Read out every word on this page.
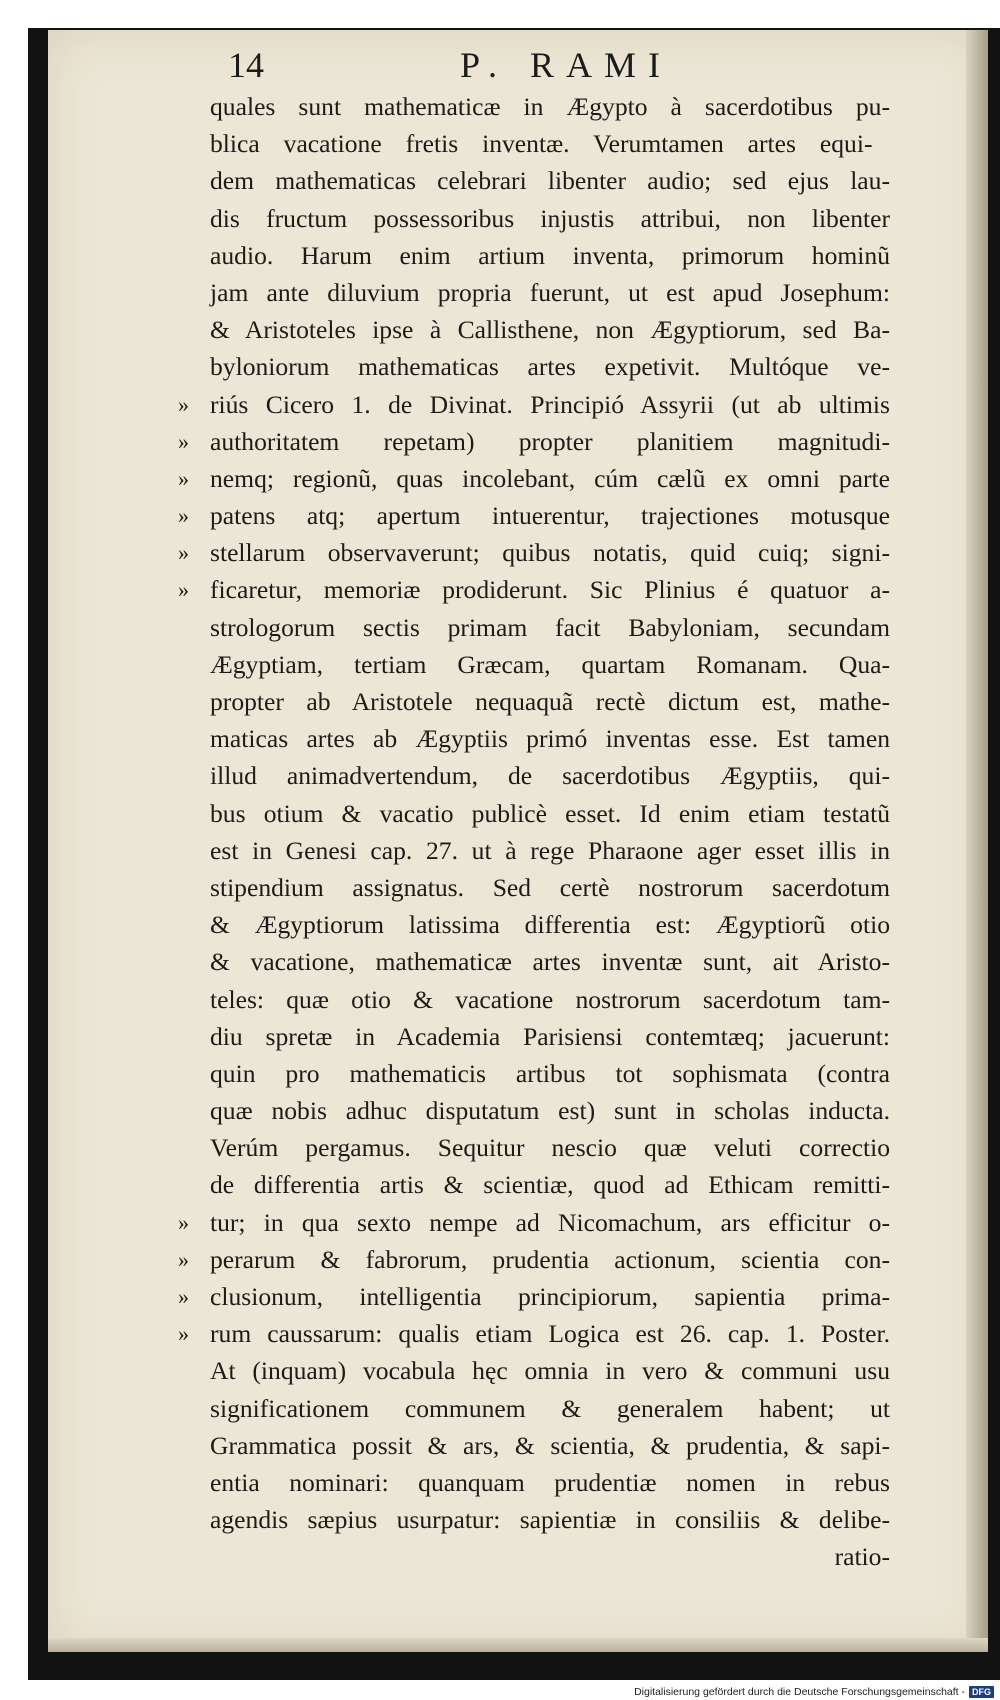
14	P. RAMI
quales sunt mathematicæ in Ægypto à sacerdotibus pu-
blica vacatione fretis inventæ. Verumtamen artes equi-
dem mathematicas celebrari libenter audio; sed ejus lau-
dis fructum possessoribus injustis attribui, non libenter
audio. Harum enim artium inventa, primorum hominũ
jam ante diluvium propria fuerunt, ut est apud Josephum:
& Aristoteles ipse à Callisthene, non Ægyptiorum, sed Ba-
byloniorum mathematicas artes expetivit. Multóque ve-
» riús Cicero 1. de Divinat. Principió Assyrii (ut ab ultimis
» authoritatem repetam) propter planitiem magnitudi-
» nemq; regionũ, quas incolebant, cúm cælũ ex omni parte
» patens atq; apertum intuerentur, trajectiones motusque
» stellarum observaverunt; quibus notatis, quid cuiq; signi-
» ficaretur, memoriæ prodiderunt. Sic Plinius é quatuor a-
strologorum sectis primam facit Babyloniam, secundam
Ægyptiam, tertiam Græcam, quartam Romanam. Qua-
propter ab Aristotele nequaquã rectè dictum est, mathe-
maticas artes ab Ægyptiis primó inventas esse. Est tamen
illud animadvertendum, de sacerdotibus Ægyptiis, qui-
bus otium & vacatio publicè esset. Id enim etiam testatũ
est in Genesi cap. 27. ut à rege Pharaone ager esset illis in
stipendium assignatus. Sed certè nostrorum sacerdotum
& Ægyptiorum latissima differentia est: Ægyptiorũ otio
& vacatione, mathematicæ artes inventæ sunt, ait Aristo-
teles: quæ otio & vacatione nostrorum sacerdotum tam-
diu spretæ in Academia Parisiensi contemtæq; jacuerunt:
quin pro mathematicis artibus tot sophismata (contra
quæ nobis adhuc disputatum est) sunt in scholas inducta.
Verúm pergamus. Sequitur nescio quæ veluti correctio
de differentia artis & scientiæ, quod ad Ethicam remitti-
» tur; in qua sexto nempe ad Nicomachum, ars efficitur o-
» perarum & fabrorum, prudentia actionum, scientia con-
» clusionum, intelligentia principiorum, sapientia prima-
» rum caussarum: qualis etiam Logica est 26. cap. 1. Poster.
At (inquam) vocabula hęc omnia in vero & communi usu
significationem communem & generalem habent; ut
Grammatica possit & ars, & scientia, & prudentia, & sapi-
entia nominari: quanquam prudentiæ nomen in rebus
agendis sæpius usurpatur: sapientiæ in consiliis & delibe-
ratio-
Digitalisierung gefördert durch die Deutsche Forschungsgemeinschaft - DFG
